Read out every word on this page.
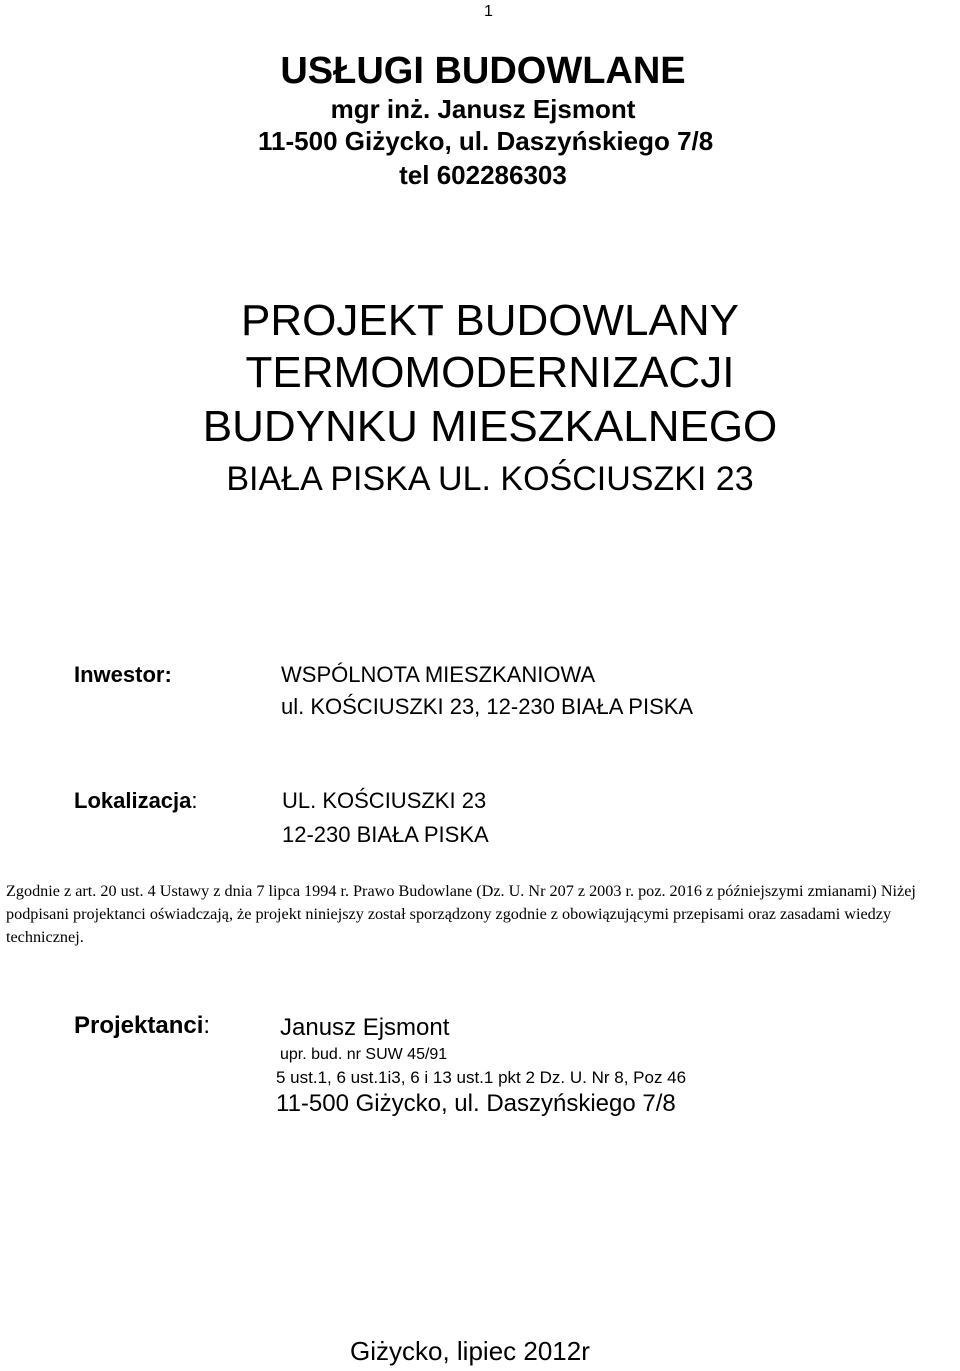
1
USŁUGI BUDOWLANE
mgr inż. Janusz Ejsmont
11-500 Giżycko, ul. Daszyńskiego 7/8
tel 602286303
PROJEKT BUDOWLANY
TERMOMODERNIZACJI
BUDYNKU MIESZKALNEGO
BIAŁA PISKA UL. KOŚCIUSZKI 23
Inwestor:	WSPÓLNOTA MIESZKANIOWA
ul. KOŚCIUSZKI 23, 12-230 BIAŁA PISKA
Lokalizacja:	UL. KOŚCIUSZKI 23
12-230 BIAŁA PISKA
Zgodnie z art. 20 ust. 4 Ustawy z dnia 7 lipca 1994 r. Prawo Budowlane (Dz. U. Nr 207 z 2003 r. poz. 2016 z późniejszymi zmianami) Niżej podpisani projektanci oświadczają, że projekt niniejszy został sporządzony zgodnie z obowiązującymi przepisami oraz zasadami wiedzy technicznej.
Projektanci:	Janusz Ejsmont
upr. bud. nr SUW 45/91
5 ust.1, 6 ust.1i3, 6 i 13 ust.1 pkt 2 Dz. U. Nr 8, Poz 46
11-500 Giżycko, ul. Daszyńskiego 7/8
Giżycko, lipiec 2012r
